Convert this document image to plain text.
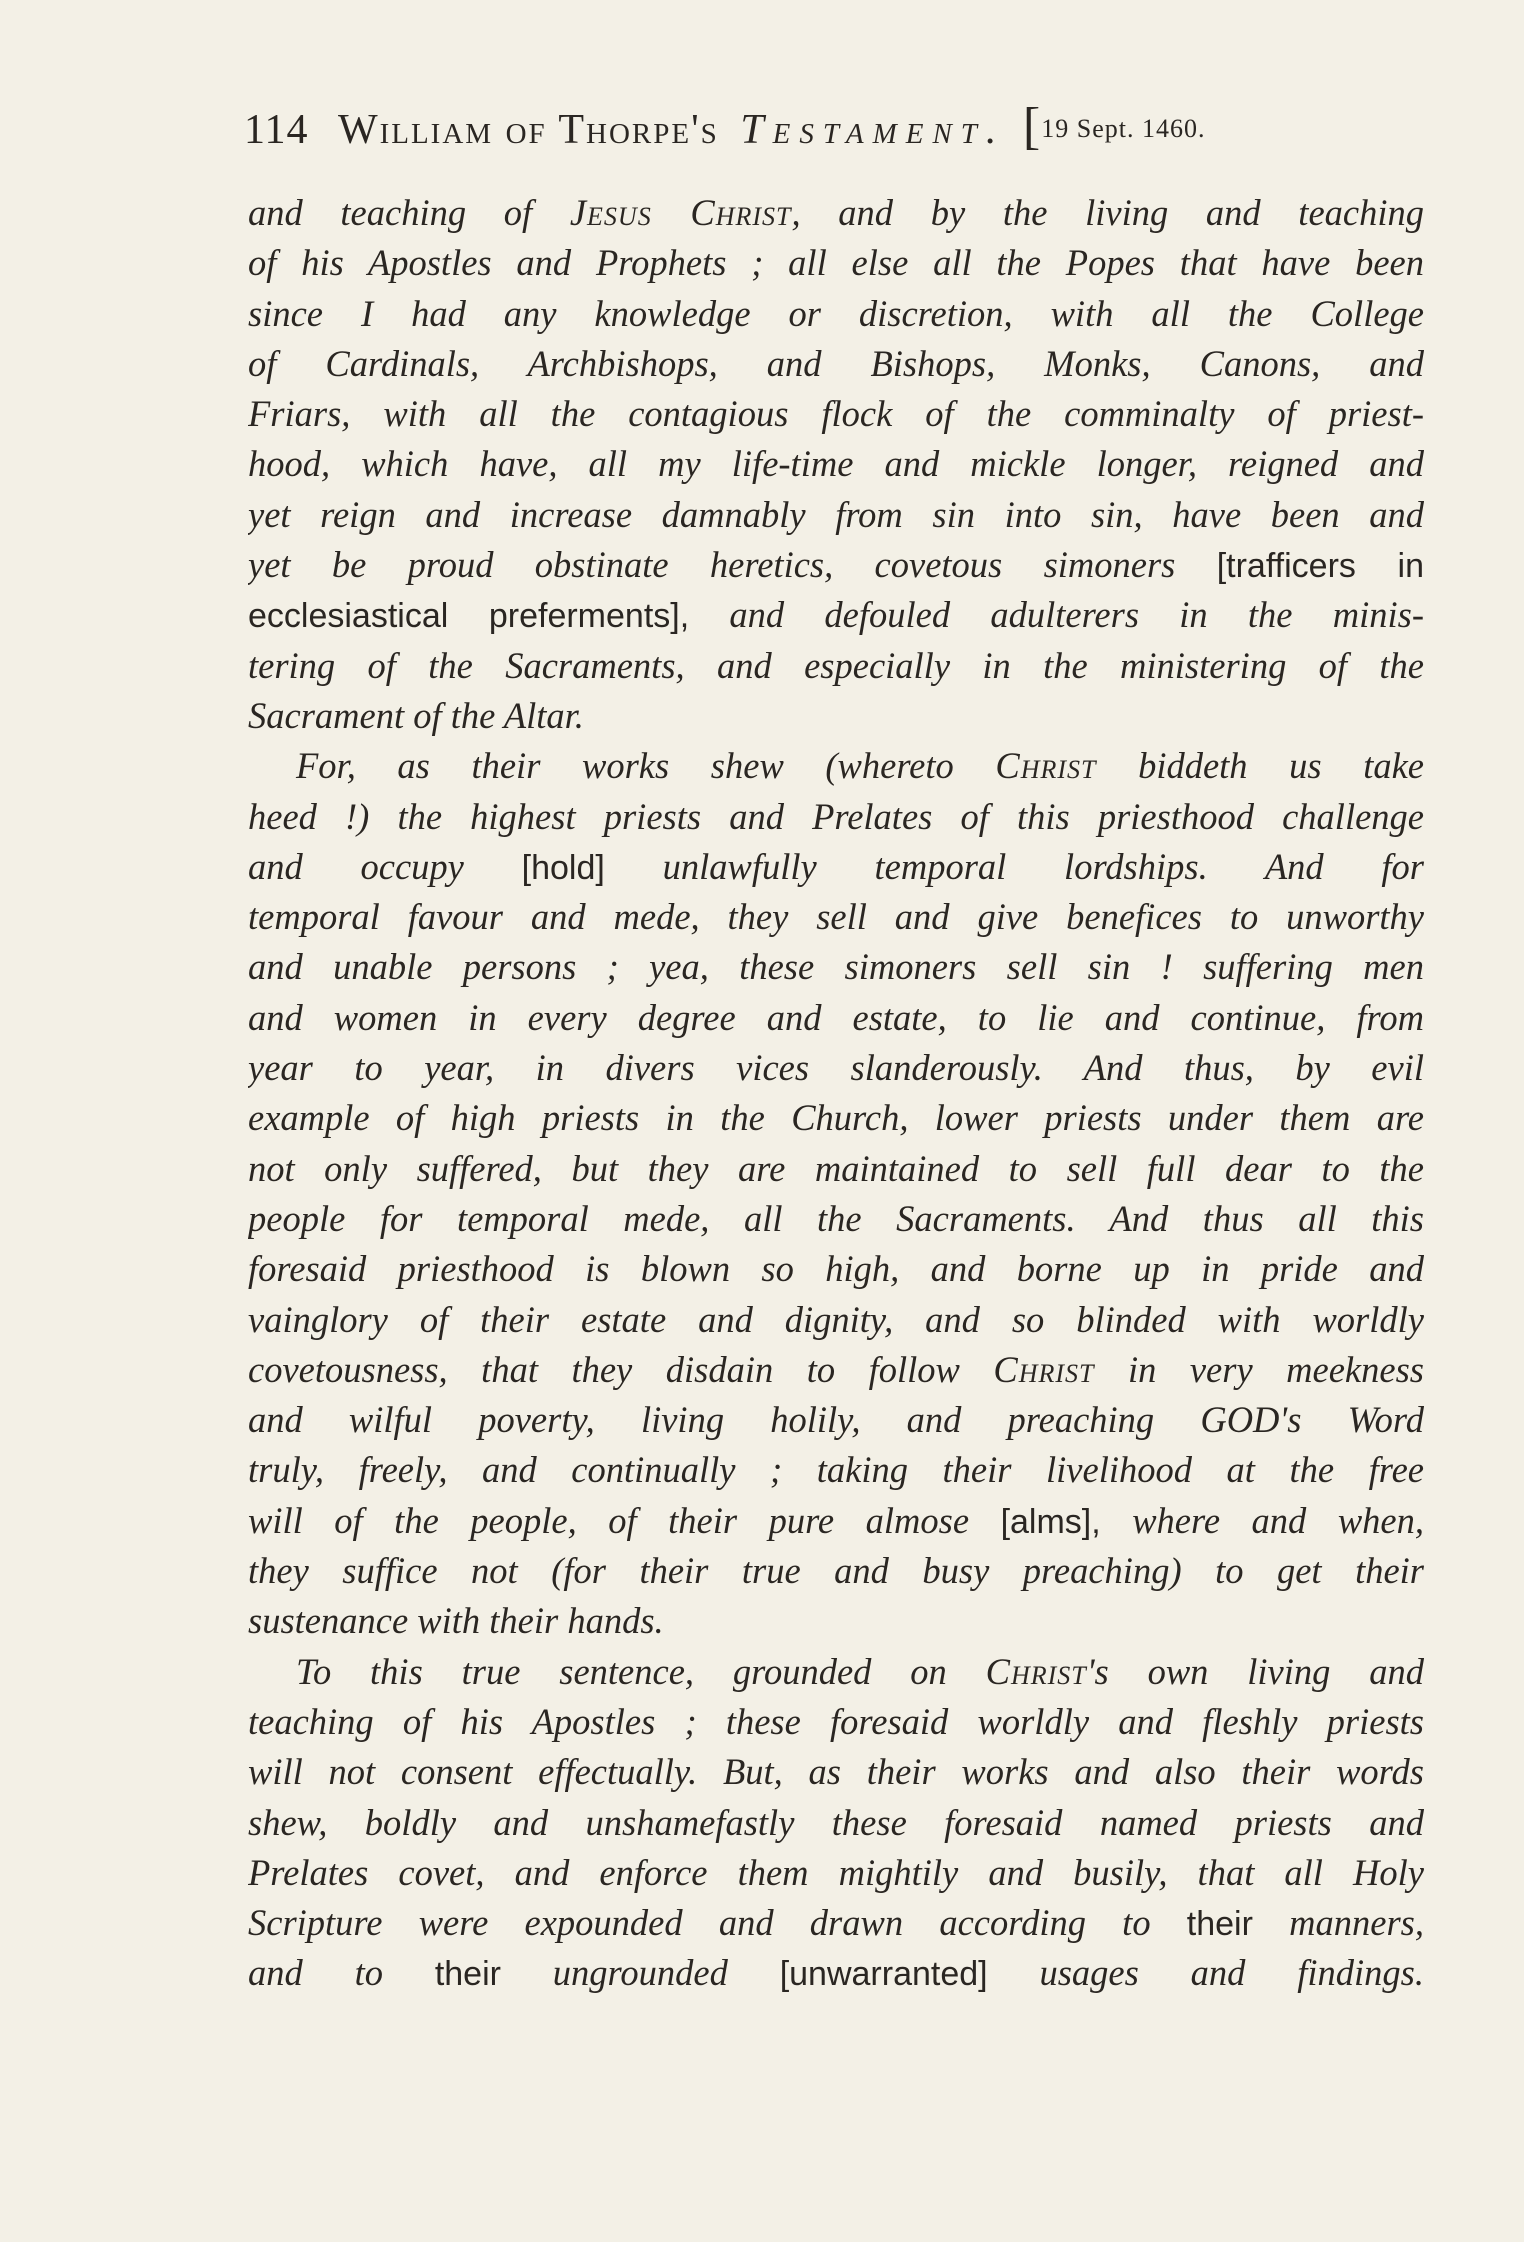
114 William of Thorpe's Testament. [19 Sept. 1460.
and teaching of Jesus Christ, and by the living and teaching
of his Apostles and Prophets ; all else all the Popes that have been
since I had any knowledge or discretion, with all the College
of Cardinals, Archbishops, and Bishops, Monks, Canons, and
Friars, with all the contagious flock of the comminalty of priest-
hood, which have, all my life-time and mickle longer, reigned and
yet reign and increase damnably from sin into sin, have been and
yet be proud obstinate heretics, covetous simoners [trafficers in
ecclesiastical preferments], and defouled adulterers in the minis-
tering of the Sacraments, and especially in the ministering of the
Sacrament of the Altar.
For, as their works shew (whereto Christ biddeth us take
heed !) the highest priests and Prelates of this priesthood challenge
and occupy [hold] unlawfully temporal lordships. And for
temporal favour and mede, they sell and give benefices to unworthy
and unable persons ; yea, these simoners sell sin ! suffering men
and women in every degree and estate, to lie and continue, from
year to year, in divers vices slanderously. And thus, by evil
example of high priests in the Church, lower priests under them are
not only suffered, but they are maintained to sell full dear to the
people for temporal mede, all the Sacraments. And thus all this
foresaid priesthood is blown so high, and borne up in pride and
vainglory of their estate and dignity, and so blinded with worldly
covetousness, that they disdain to follow Christ in very meekness
and wilful poverty, living holily, and preaching GOD's Word
truly, freely, and continually ; taking their livelihood at the free
will of the people, of their pure almose [alms], where and when,
they suffice not (for their true and busy preaching) to get their
sustenance with their hands.
To this true sentence, grounded on Christ's own living and
teaching of his Apostles ; these foresaid worldly and fleshly priests
will not consent effectually. But, as their works and also their words
shew, boldly and unshamefastly these foresaid named priests and
Prelates covet, and enforce them mightily and busily, that all Holy
Scripture were expounded and drawn according to their manners,
and to their ungrounded [unwarranted] usages and findings.
